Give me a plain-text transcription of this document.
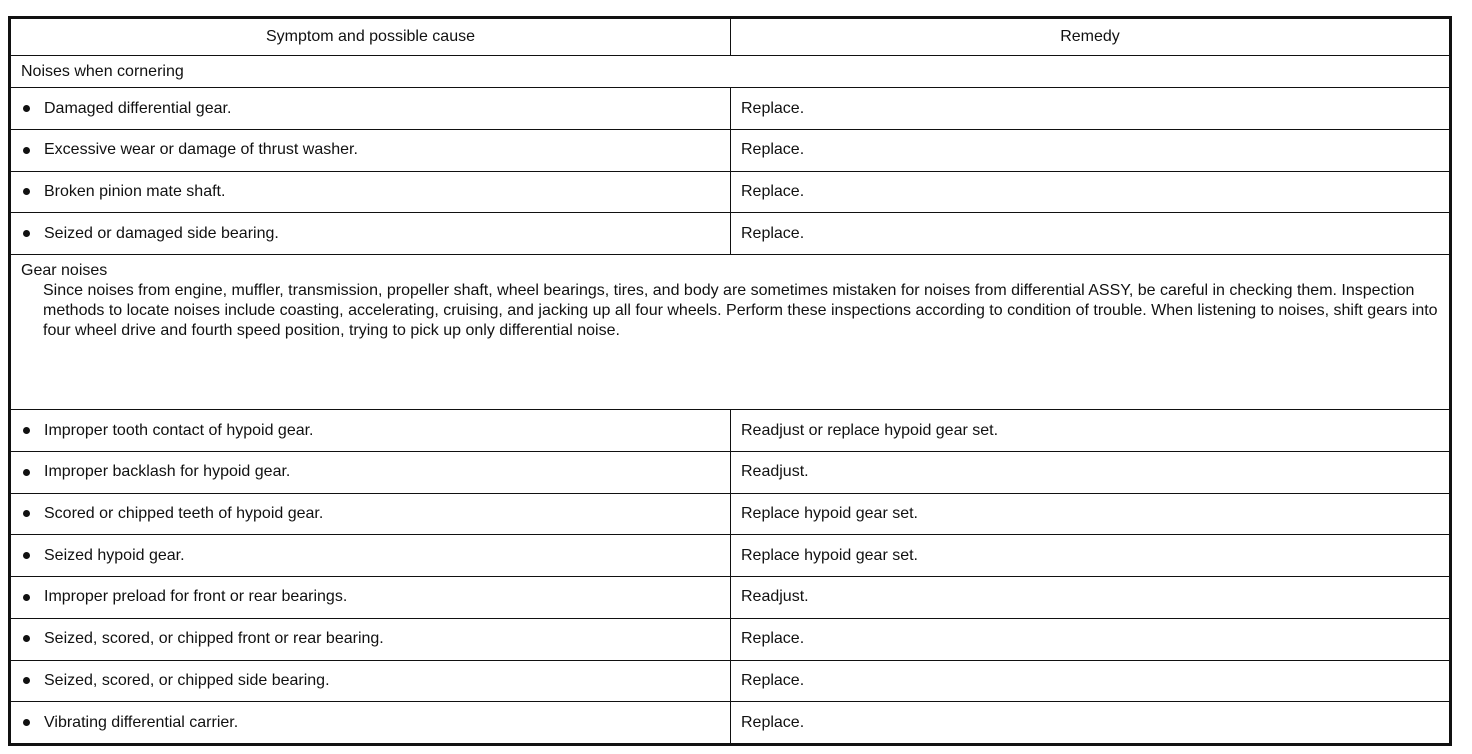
Symptom and possible cause	Remedy
Noises when cornering	
Damaged differential gear.	Replace.
Excessive wear or damage of thrust washer.	Replace.
Broken pinion mate shaft.	Replace.
Seized or damaged side bearing.	Replace.
Gear noises
Since noises from engine, muffler, transmission, propeller shaft, wheel bearings, tires, and body are sometimes mistaken for noises from differential ASSY, be careful in checking them. Inspection methods to locate noises include coasting, accelerating, cruising, and jacking up all four wheels. Perform these inspections according to condition of trouble. When listening to noises, shift gears into four wheel drive and fourth speed position, trying to pick up only differential noise.	

Improper tooth contact of hypoid gear.	Readjust or replace hypoid gear set.
Improper backlash for hypoid gear.	Readjust.
Scored or chipped teeth of hypoid gear.	Replace hypoid gear set.
Seized hypoid gear.	Replace hypoid gear set.
Improper preload for front or rear bearings.	Readjust.
Seized, scored, or chipped front or rear bearing.	Replace.
Seized, scored, or chipped side bearing.	Replace.
Vibrating differential carrier.	Replace.
